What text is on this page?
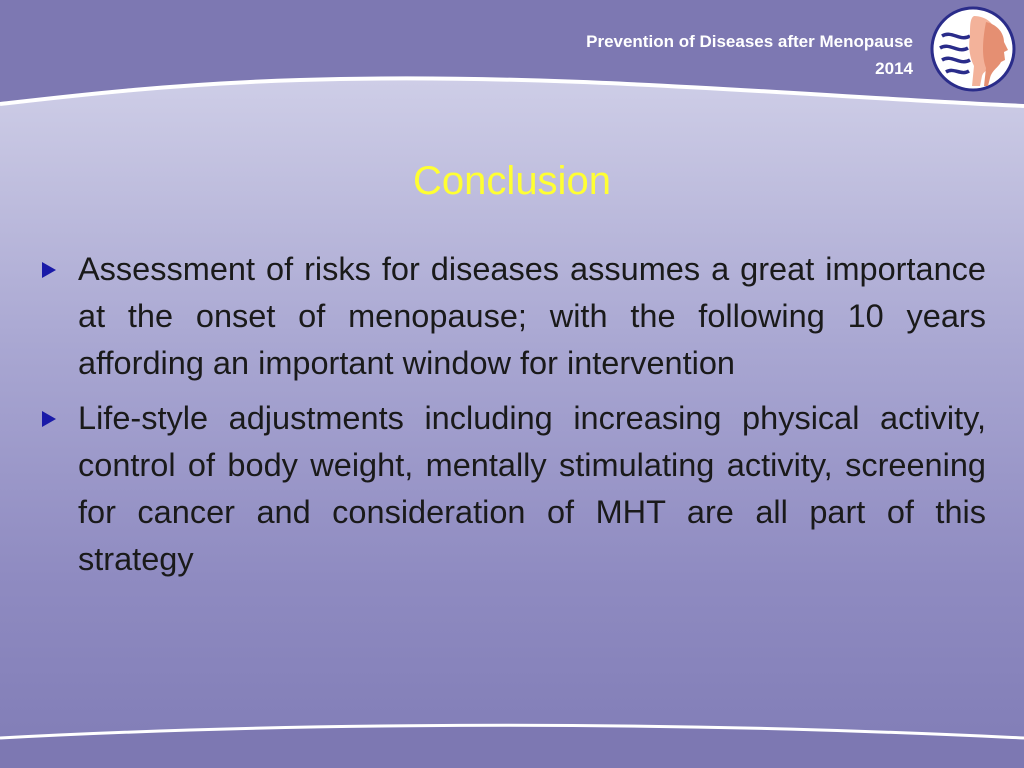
Prevention of Diseases after Menopause
2014
Conclusion
Assessment of risks for diseases assumes a great importance at the onset of menopause; with the following 10 years affording an important window for intervention
Life-style adjustments including increasing physical activity, control of body weight, mentally stimulating activity, screening for cancer and consideration of MHT are all part of this strategy
